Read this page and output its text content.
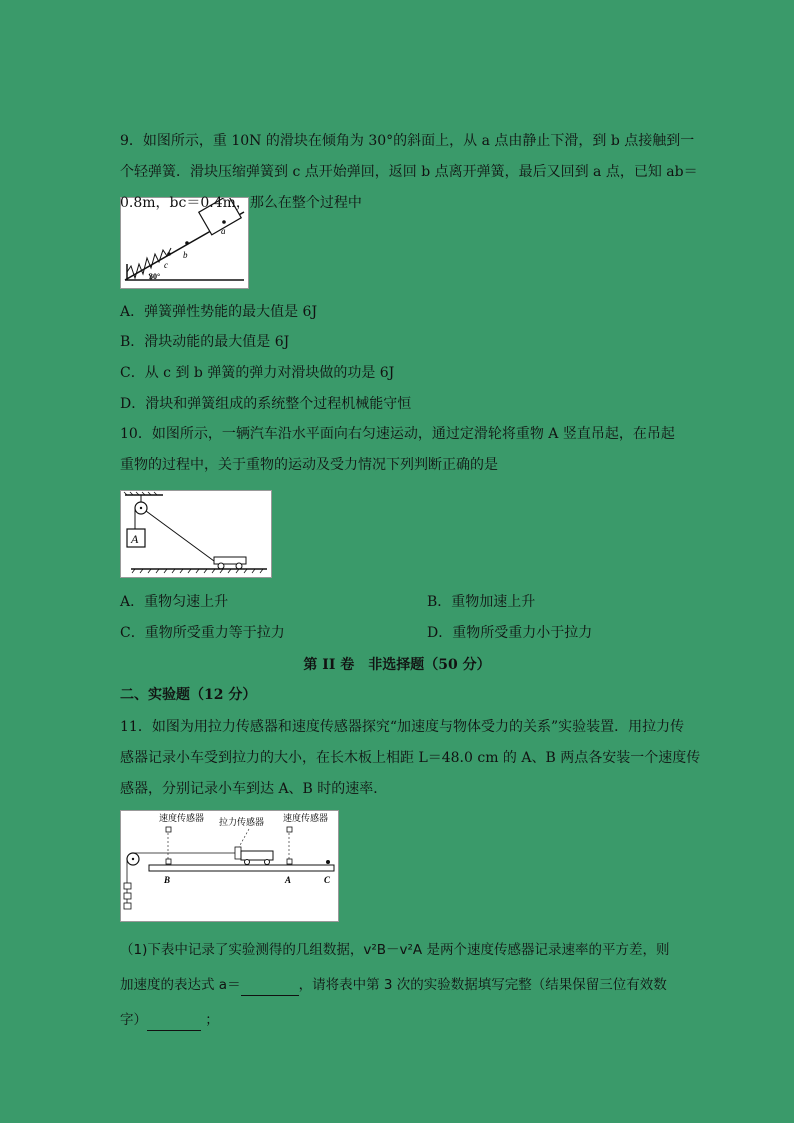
9．如图所示，重 10N 的滑块在倾角为 30°的斜面上，从 a 点由静止下滑，到 b 点接触到一
个轻弹簧．滑块压缩弹簧到 c 点开始弹回，返回 b 点离开弹簧，最后又回到 a 点，已知 ab＝
30°
c
b
a
A．弹簧弹性势能的最大值是 6J
B．滑块动能的最大值是 6J
C．从 c 到 b 弹簧的弹力对滑块做的功是 6J
D．滑块和弹簧组成的系统整个过程机械能守恒
10．如图所示，一辆汽车沿水平面向右匀速运动，通过定滑轮将重物 A 竖直吊起，在吊起
重物的过程中，关于重物的运动及受力情况下列判断正确的是
A
A．重物匀速上升	B．重物加速上升
C．重物所受重力等于拉力	D．重物所受重力小于拉力
第 II 卷　非选择题（50 分）
二、实验题（12 分）
11．如图为用拉力传感器和速度传感器探究“加速度与物体受力的关系”实验装置．用拉力传
感器记录小车受到拉力的大小，在长木板上相距 L＝48.0 cm 的 A、B 两点各安装一个速度传
感器，分别记录小车到达 A、B 时的速率．
速度传感器 拉力传感器 速度传感器
B	A	C
（1)下表中记录了实验测得的几组数据，v²B－v²A 是两个速度传感器记录速率的平方差，则
加速度的表达式 a＝	，请将表中第 3 次的实验数据填写完整（结果保留三位有效数
字）	；
0.8m，bc＝0.4m，那么在整个过程中
